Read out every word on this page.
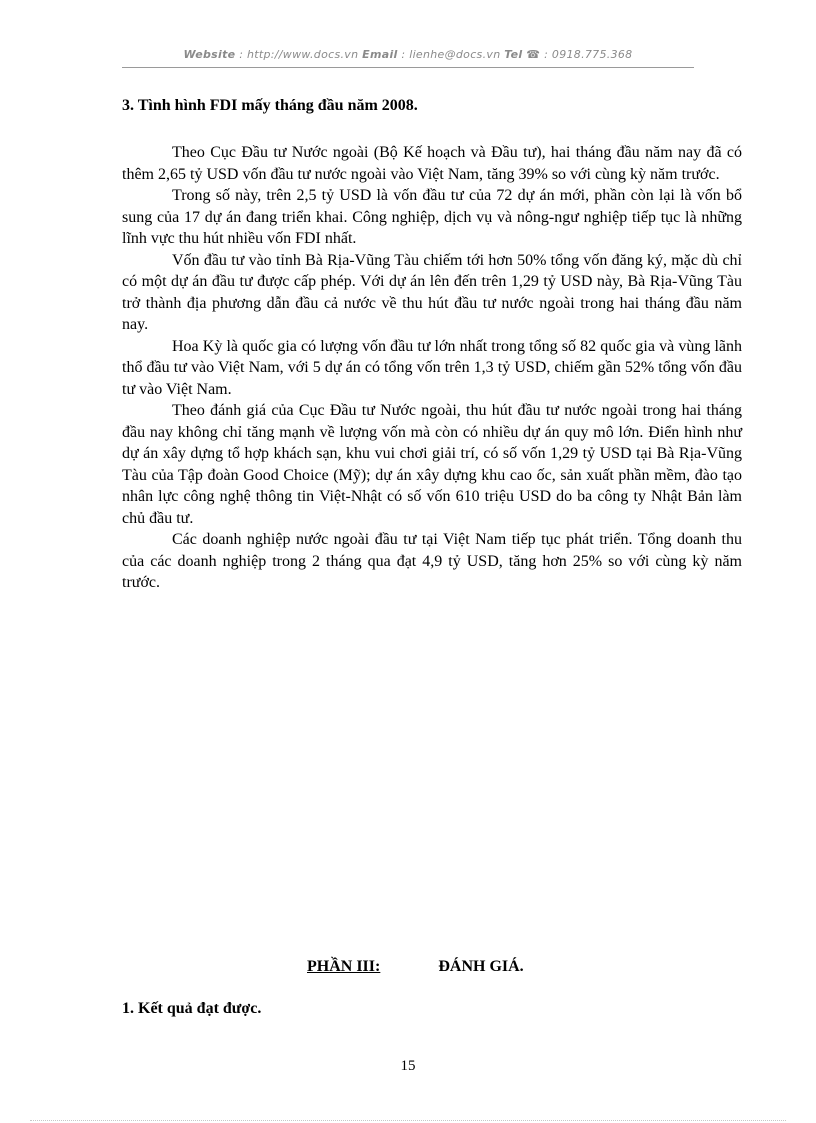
Website : http://www.docs.vn Email : lienhe@docs.vn Tel ☎ : 0918.775.368
3. Tình hình FDI mấy tháng đầu năm 2008.

Theo Cục Đầu tư Nước ngoài (Bộ Kế hoạch và Đầu tư), hai tháng đầu năm nay đã có thêm 2,65 tỷ USD vốn đầu tư nước ngoài vào Việt Nam, tăng 39% so với cùng kỳ năm trước.

Trong số này, trên 2,5 tỷ USD là vốn đầu tư của 72 dự án mới, phần còn lại là vốn bổ sung của 17 dự án đang triển khai. Công nghiệp, dịch vụ và nông-ngư nghiệp tiếp tục là những lĩnh vực thu hút nhiều vốn FDI nhất.

Vốn đầu tư vào tỉnh Bà Rịa-Vũng Tàu chiếm tới hơn 50% tổng vốn đăng ký, mặc dù chỉ có một dự án đầu tư được cấp phép. Với dự án lên đến trên 1,29 tỷ USD này, Bà Rịa-Vũng Tàu trở thành địa phương dẫn đầu cả nước về thu hút đầu tư nước ngoài trong hai tháng đầu năm nay.

Hoa Kỳ là quốc gia có lượng vốn đầu tư lớn nhất trong tổng số 82 quốc gia và vùng lãnh thổ đầu tư vào Việt Nam, với 5 dự án có tổng vốn trên 1,3 tỷ USD, chiếm gần 52% tổng vốn đầu tư vào Việt Nam.

Theo đánh giá của Cục Đầu tư Nước ngoài, thu hút đầu tư nước ngoài trong hai tháng đầu nay không chỉ tăng mạnh về lượng vốn mà còn có nhiều dự án quy mô lớn. Điển hình như dự án xây dựng tổ hợp khách sạn, khu vui chơi giải trí, có số vốn 1,29 tỷ USD tại Bà Rịa-Vũng Tàu của Tập đoàn Good Choice (Mỹ); dự án xây dựng khu cao ốc, sản xuất phần mềm, đào tạo nhân lực công nghệ thông tin Việt-Nhật có số vốn 610 triệu USD do ba công ty Nhật Bản làm chủ đầu tư.

Các doanh nghiệp nước ngoài đầu tư tại Việt Nam tiếp tục phát triển. Tổng doanh thu của các doanh nghiệp trong 2 tháng qua đạt 4,9 tỷ USD, tăng hơn 25% so với cùng kỳ năm trước.

PHẦN III:	ĐÁNH GIÁ.
1. Kết quả đạt được.
15
